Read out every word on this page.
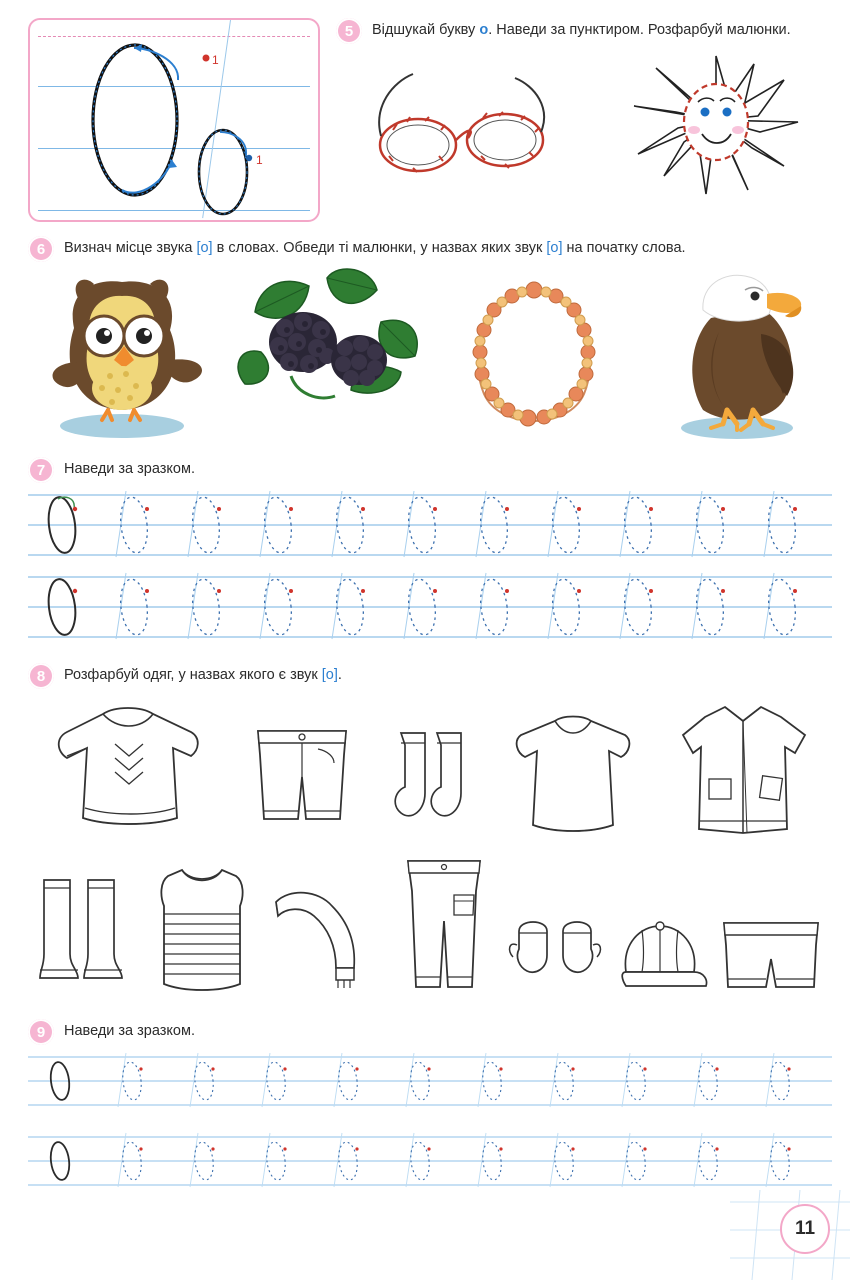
1
1
5	Відшукай букву о. Наведи за пунктиром. Розфарбуй малюнки.
6	Визнач місце звука [о] в словах. Обведи ті малюнки, у назвах яких звук [о] на початку слова.
7	Наведи за зразком.
8	Розфарбуй одяг, у назвах якого є звук [о].
9	Наведи за зразком.
11
